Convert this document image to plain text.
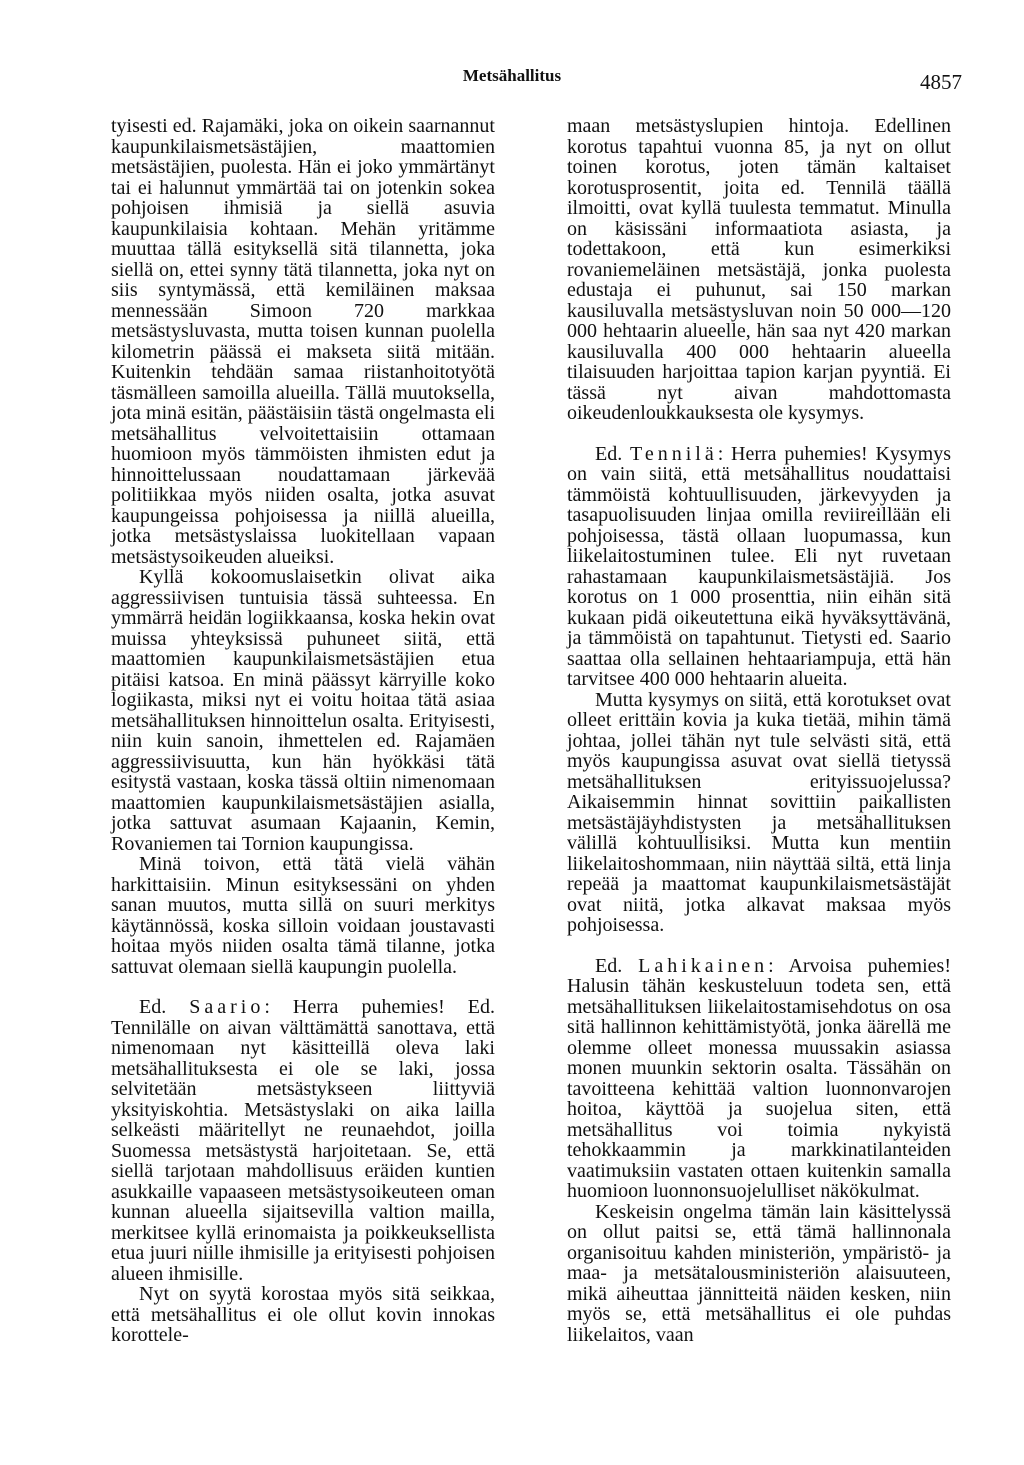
Metsähallitus	4857

tyisesti ed. Rajamäki, joka on oikein saarnannut kaupunkilaismetsästäjien, maattomien metsästäjien, puolesta. Hän ei joko ymmärtänyt tai ei halunnut ymmärtää tai on jotenkin sokea pohjoisen ihmisiä ja siellä asuvia kaupunkilaisia kohtaan. Mehän yritämme muuttaa tällä esityksellä sitä tilannetta, joka siellä on, ettei synny tätä tilannetta, joka nyt on siis syntymässä, että kemiläinen maksaa mennessään Simoon 720 markkaa metsästysluvasta, mutta toisen kunnan puolella kilometrin päässä ei makseta siitä mitään. Kuitenkin tehdään samaa riistanhoitotyötä täsmälleen samoilla alueilla. Tällä muutoksella, jota minä esitän, päästäisiin tästä ongelmasta eli metsähallitus velvoitettaisiin ottamaan huomioon myös tämmöisten ihmisten edut ja hinnoittelussaan noudattamaan järkevää politiikkaa myös niiden osalta, jotka asuvat kaupungeissa pohjoisessa ja niillä alueilla, jotka metsästyslaissa luokitellaan vapaan metsästysoikeuden alueiksi.

Kyllä kokoomuslaisetkin olivat aika aggressiivisen tuntuisia tässä suhteessa. En ymmärrä heidän logiikkaansa, koska hekin ovat muissa yhteyksissä puhuneet siitä, että maattomien kaupunkilaismetsästäjien etua pitäisi katsoa. En minä päässyt kärryille koko logiikasta, miksi nyt ei voitu hoitaa tätä asiaa metsähallituksen hinnoittelun osalta. Erityisesti, niin kuin sanoin, ihmettelen ed. Rajamäen aggressiivisuutta, kun hän hyökkäsi tätä esitystä vastaan, koska tässä oltiin nimenomaan maattomien kaupunkilaismetsästäjien asialla, jotka sattuvat asumaan Kajaanin, Kemin, Rovaniemen tai Tornion kaupungissa.

Minä toivon, että tätä vielä vähän harkittaisiin. Minun esityksessäni on yhden sanan muutos, mutta sillä on suuri merkitys käytännössä, koska silloin voidaan joustavasti hoitaa myös niiden osalta tämä tilanne, jotka sattuvat olemaan siellä kaupungin puolella.

Ed. Saario: Herra puhemies! Ed. Tennilälle on aivan välttämättä sanottava, että nimenomaan nyt käsitteillä oleva laki metsähallituksesta ei ole se laki, jossa selvitetään metsästykseen liittyviä yksityiskohtia. Metsästyslaki on aika lailla selkeästi määritellyt ne reunaehdot, joilla Suomessa metsästystä harjoitetaan. Se, että siellä tarjotaan mahdollisuus eräiden kuntien asukkaille vapaaseen metsästysoikeuteen oman kunnan alueella sijaitsevilla valtion mailla, merkitsee kyllä erinomaista ja poikkeuksellista etua juuri niille ihmisille ja erityisesti pohjoisen alueen ihmisille.

Nyt on syytä korostaa myös sitä seikkaa, että metsähallitus ei ole ollut kovin innokas korottele-

maan metsästyslupien hintoja. Edellinen korotus tapahtui vuonna 85, ja nyt on ollut toinen korotus, joten tämän kaltaiset korotusprosentit, joita ed. Tennilä täällä ilmoitti, ovat kyllä tuulesta temmatut. Minulla on käsissäni informaatiota asiasta, ja todettakoon, että kun esimerkiksi rovaniemeläinen metsästäjä, jonka puolesta edustaja ei puhunut, sai 150 markan kausiluvalla metsästysluvan noin 50 000—120 000 hehtaarin alueelle, hän saa nyt 420 markan kausiluvalla 400 000 hehtaarin alueella tilaisuuden harjoittaa tapion karjan pyyntiä. Ei tässä nyt aivan mahdottomasta oikeudenloukkauksesta ole kysymys.

Ed. Tennilä: Herra puhemies! Kysymys on vain siitä, että metsähallitus noudattaisi tämmöistä kohtuullisuuden, järkevyyden ja tasapuolisuuden linjaa omilla reviireillään eli pohjoisessa, tästä ollaan luopumassa, kun liikelaitostuminen tulee. Eli nyt ruvetaan rahastamaan kaupunkilaismetsästäjiä. Jos korotus on 1 000 prosenttia, niin eihän sitä kukaan pidä oikeutettuna eikä hyväksyttävänä, ja tämmöistä on tapahtunut. Tietysti ed. Saario saattaa olla sellainen hehtaariampuja, että hän tarvitsee 400 000 hehtaarin alueita.

Mutta kysymys on siitä, että korotukset ovat olleet erittäin kovia ja kuka tietää, mihin tämä johtaa, jollei tähän nyt tule selvästi sitä, että myös kaupungissa asuvat ovat siellä tietyssä metsähallituksen erityissuojelussa? Aikaisemmin hinnat sovittiin paikallisten metsästäjäyhdistysten ja metsähallituksen välillä kohtuullisiksi. Mutta kun mentiin liikelaitoshommaan, niin näyttää siltä, että linja repeää ja maattomat kaupunkilaismetsästäjät ovat niitä, jotka alkavat maksaa myös pohjoisessa.

Ed. Lahikainen: Arvoisa puhemies! Halusin tähän keskusteluun todeta sen, että metsähallituksen liikelaitostamisehdotus on osa sitä hallinnon kehittämistyötä, jonka äärellä me olemme olleet monessa muussakin asiassa monen muunkin sektorin osalta. Tässähän on tavoitteena kehittää valtion luonnonvarojen hoitoa, käyttöä ja suojelua siten, että metsähallitus voi toimia nykyistä tehokkaammin ja markkinatilanteiden vaatimuksiin vastaten ottaen kuitenkin samalla huomioon luonnonsuojelulliset näkökulmat.

Keskeisin ongelma tämän lain käsittelyssä on ollut paitsi se, että tämä hallinnonala organisoituu kahden ministeriön, ympäristö- ja maa- ja metsätalousministeriön alaisuuteen, mikä aiheuttaa jännitteitä näiden kesken, niin myös se, että metsähallitus ei ole puhdas liikelaitos, vaan
